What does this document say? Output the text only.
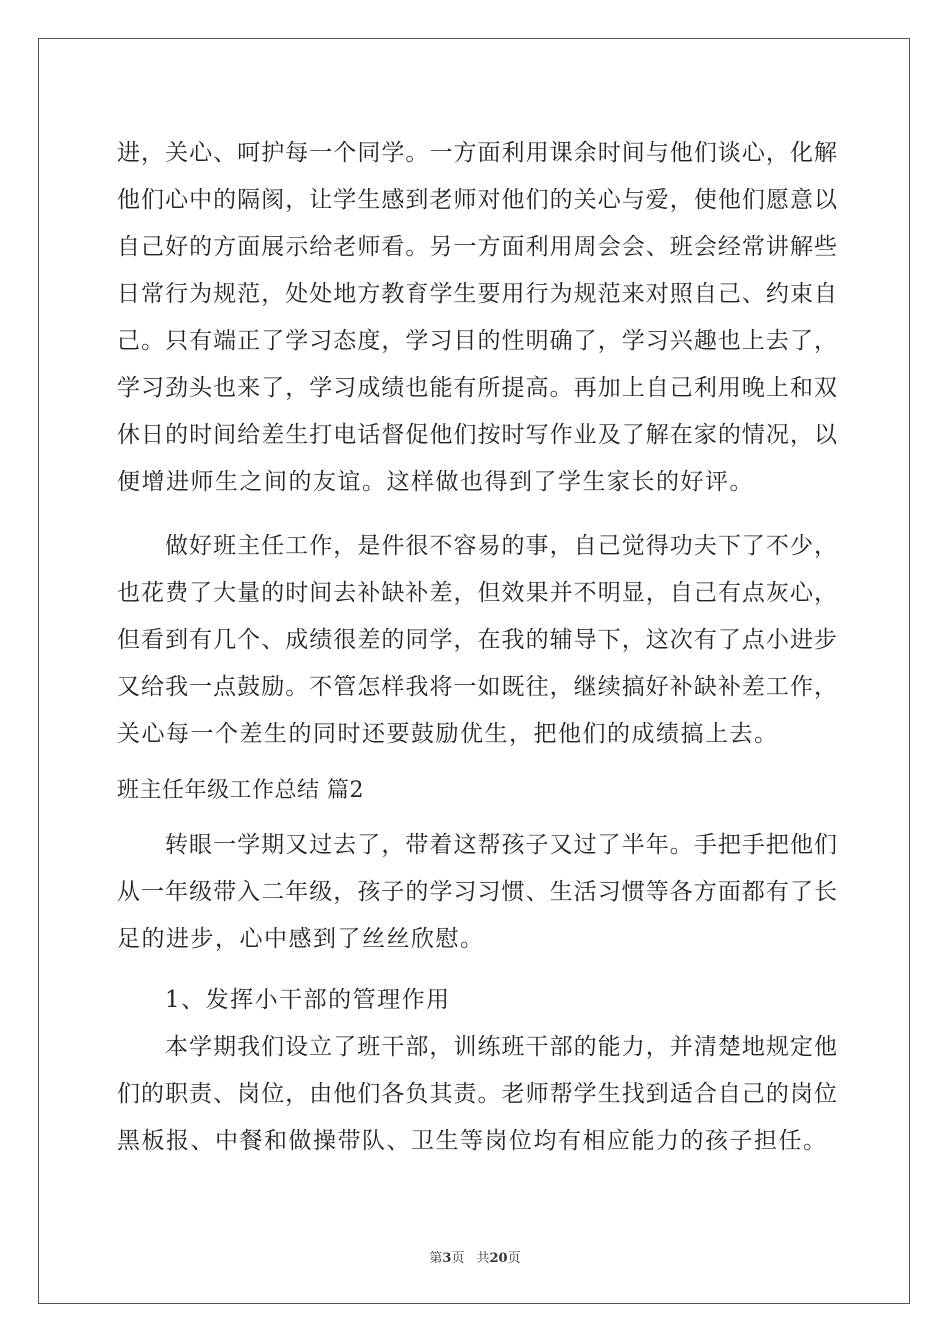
进，关心、呵护每一个同学。一方面利用课余时间与他们谈心，化解
他们心中的隔阂，让学生感到老师对他们的关心与爱，使他们愿意以
自己好的方面展示给老师看。另一方面利用周会会、班会经常讲解些
日常行为规范，处处地方教育学生要用行为规范来对照自己、约束自
己。只有端正了学习态度，学习目的性明确了，学习兴趣也上去了，
学习劲头也来了，学习成绩也能有所提高。再加上自己利用晚上和双
休日的时间给差生打电话督促他们按时写作业及了解在家的情况，以
便增进师生之间的友谊。这样做也得到了学生家长的好评。
做好班主任工作，是件很不容易的事，自己觉得功夫下了不少，
也花费了大量的时间去补缺补差，但效果并不明显，自己有点灰心，
但看到有几个、成绩很差的同学，在我的辅导下，这次有了点小进步
又给我一点鼓励。不管怎样我将一如既往，继续搞好补缺补差工作，
关心每一个差生的同时还要鼓励优生，把他们的成绩搞上去。
班主任年级工作总结 篇2
转眼一学期又过去了，带着这帮孩子又过了半年。手把手把他们
从一年级带入二年级，孩子的学习习惯、生活习惯等各方面都有了长
足的进步，心中感到了丝丝欣慰。
1、发挥小干部的管理作用
本学期我们设立了班干部，训练班干部的能力，并清楚地规定他
们的职责、岗位，由他们各负其责。老师帮学生找到适合自己的岗位
黑板报、中餐和做操带队、卫生等岗位均有相应能力的孩子担任。
第3页 共20页
